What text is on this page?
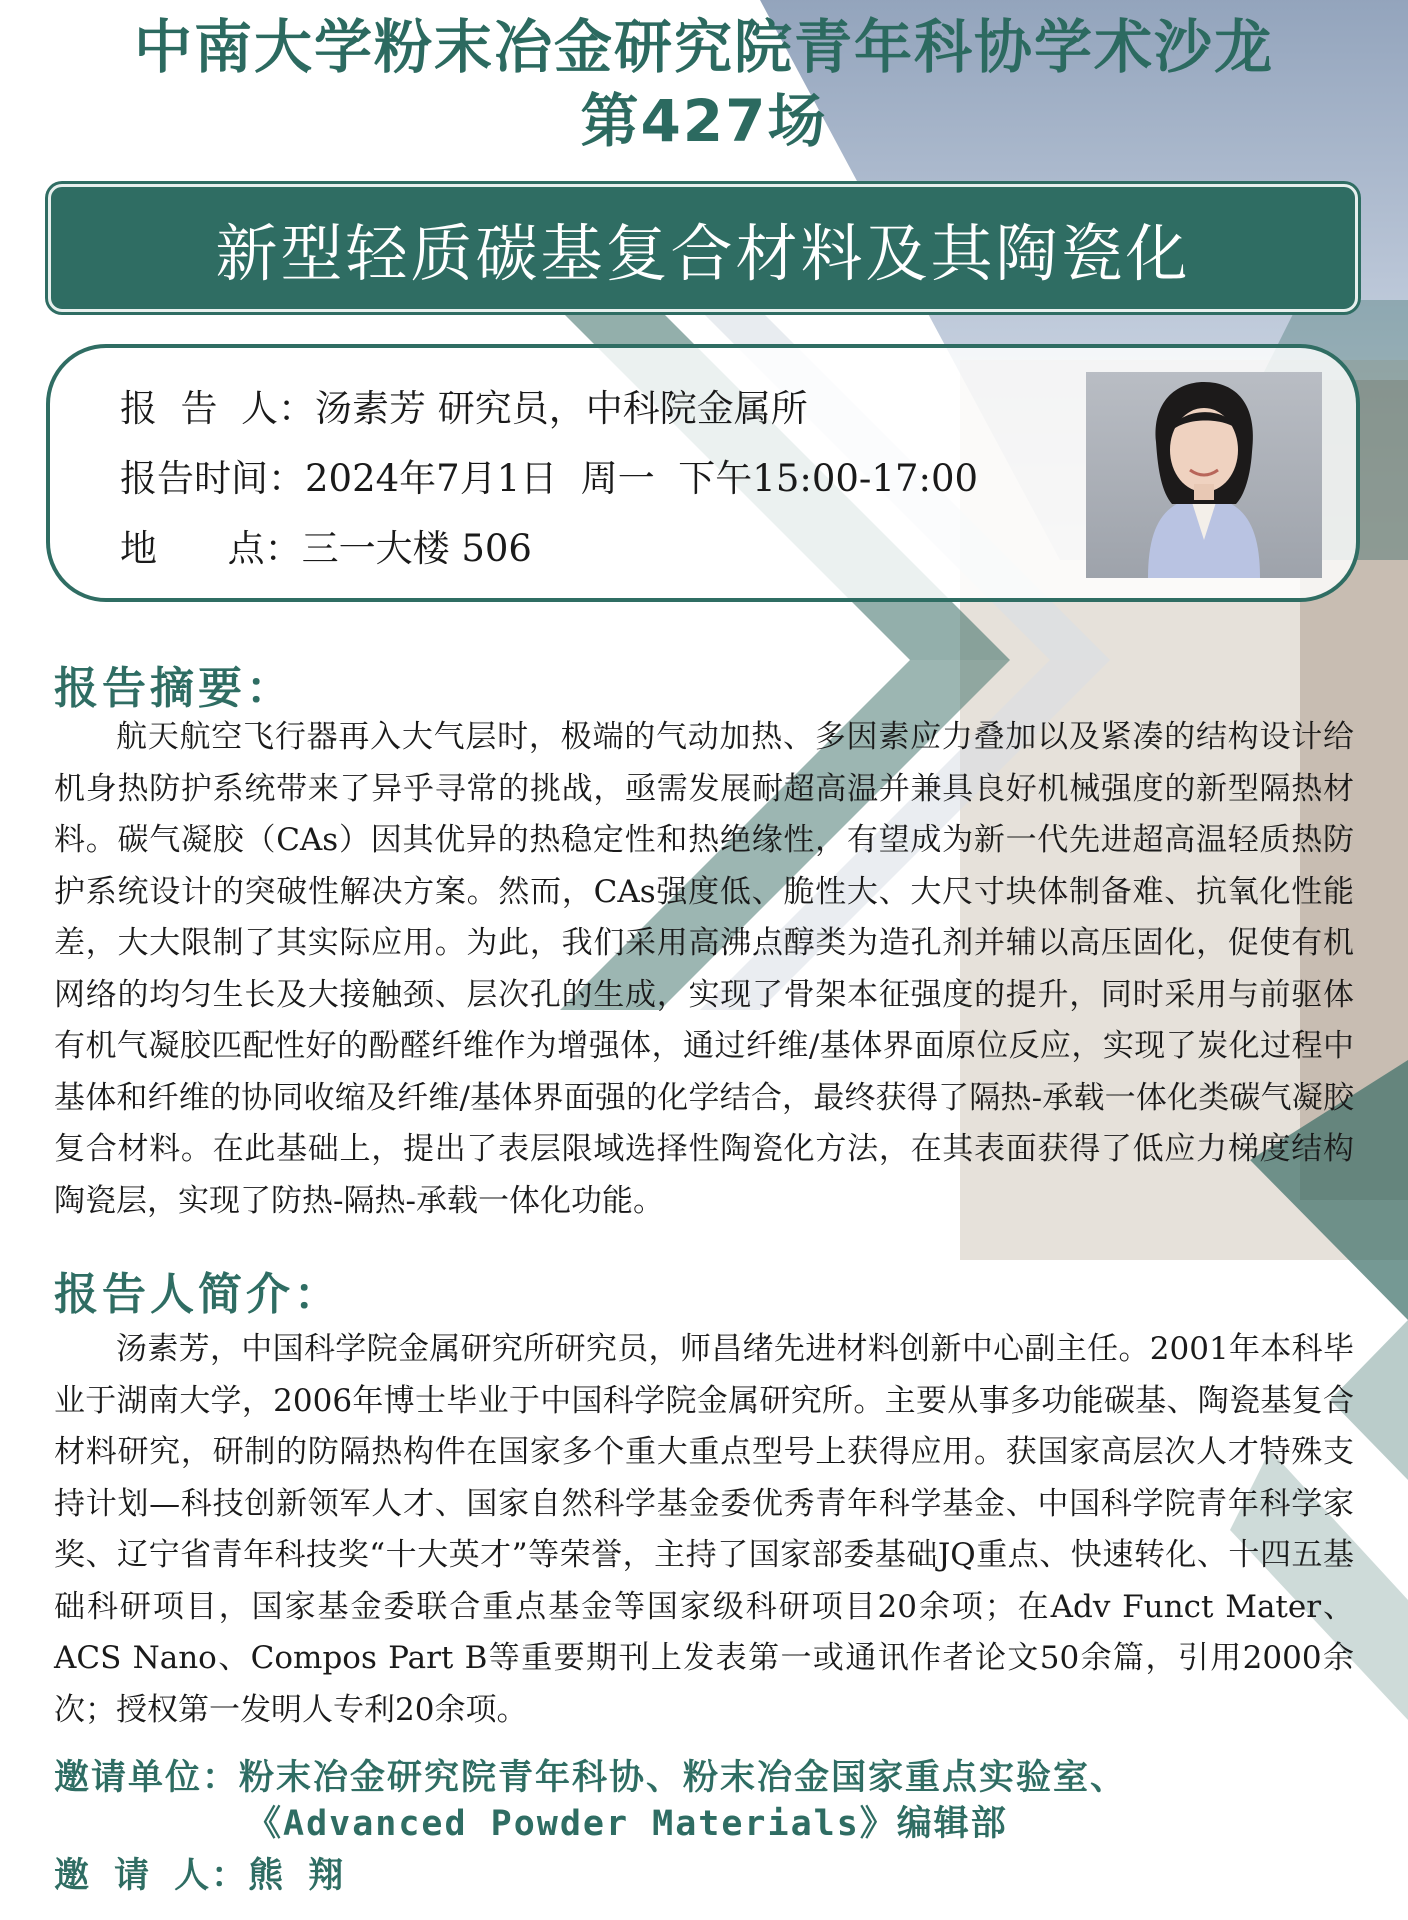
中南大学粉末冶金研究院青年科协学术沙龙
第427场
新型轻质碳基复合材料及其陶瓷化
报  告  人：汤素芳 研究员，中科院金属所
报告时间：2024年7月1日  周一  下午15:00-17:00
地      点：三一大楼 506
报告摘要：
航天航空飞行器再入大气层时，极端的气动加热、多因素应力叠加以及紧凑的结构设计给机身热防护系统带来了异乎寻常的挑战，亟需发展耐超高温并兼具良好机械强度的新型隔热材料。碳气凝胶（CAs）因其优异的热稳定性和热绝缘性，有望成为新一代先进超高温轻质热防护系统设计的突破性解决方案。然而，CAs强度低、脆性大、大尺寸块体制备难、抗氧化性能差，大大限制了其实际应用。为此，我们采用高沸点醇类为造孔剂并辅以高压固化，促使有机网络的均匀生长及大接触颈、层次孔的生成，实现了骨架本征强度的提升，同时采用与前驱体有机气凝胶匹配性好的酚醛纤维作为增强体，通过纤维/基体界面原位反应，实现了炭化过程中基体和纤维的协同收缩及纤维/基体界面强的化学结合，最终获得了隔热-承载一体化类碳气凝胶复合材料。在此基础上，提出了表层限域选择性陶瓷化方法，在其表面获得了低应力梯度结构陶瓷层，实现了防热-隔热-承载一体化功能。
报告人简介：
汤素芳，中国科学院金属研究所研究员，师昌绪先进材料创新中心副主任。2001年本科毕业于湖南大学，2006年博士毕业于中国科学院金属研究所。主要从事多功能碳基、陶瓷基复合材料研究，研制的防隔热构件在国家多个重大重点型号上获得应用。获国家高层次人才特殊支持计划—科技创新领军人才、国家自然科学基金委优秀青年科学基金、中国科学院青年科学家奖、辽宁省青年科技奖“十大英才”等荣誉，主持了国家部委基础JQ重点、快速转化、十四五基础科研项目，国家基金委联合重点基金等国家级科研项目20余项；在Adv Funct Mater、ACS Nano、Compos Part B等重要期刊上发表第一或通讯作者论文50余篇，引用2000余次；授权第一发明人专利20余项。
邀请单位：粉末冶金研究院青年科协、粉末冶金国家重点实验室、
《Advanced Powder Materials》编辑部
邀 请 人：熊 翔
